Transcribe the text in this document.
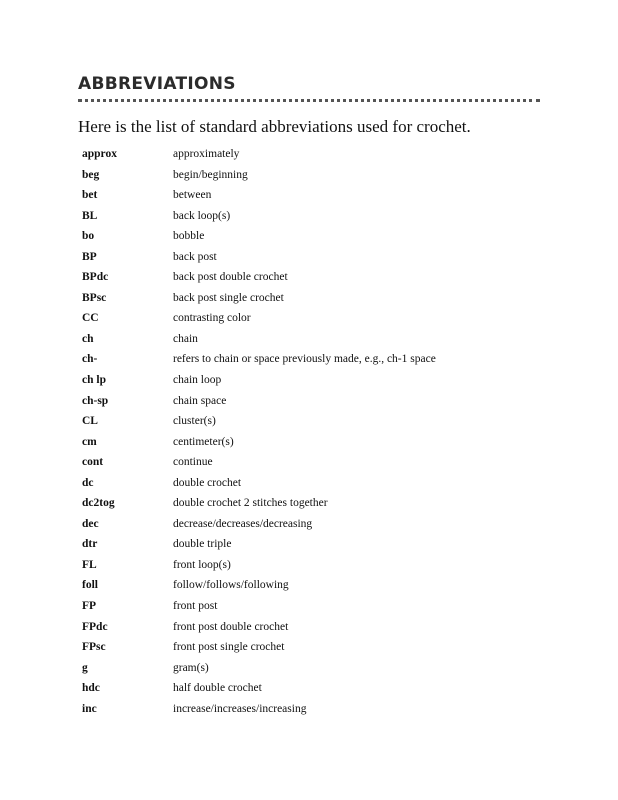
ABBREVIATIONS

Here is the list of standard abbreviations used for crochet.

approx	approximately
beg	begin/beginning
bet	between
BL	back loop(s)
bo	bobble
BP	back post
BPdc	back post double crochet
BPsc	back post single crochet
CC	contrasting color
ch	chain
ch-	refers to chain or space previously made, e.g., ch-1 space
ch lp	chain loop
ch-sp	chain space
CL	cluster(s)
cm	centimeter(s)
cont	continue
dc	double crochet
dc2tog	double crochet 2 stitches together
dec	decrease/decreases/decreasing
dtr	double triple
FL	front loop(s)
foll	follow/follows/following
FP	front post
FPdc	front post double crochet
FPsc	front post single crochet
g	gram(s)
hdc	half double crochet
inc	increase/increases/increasing
